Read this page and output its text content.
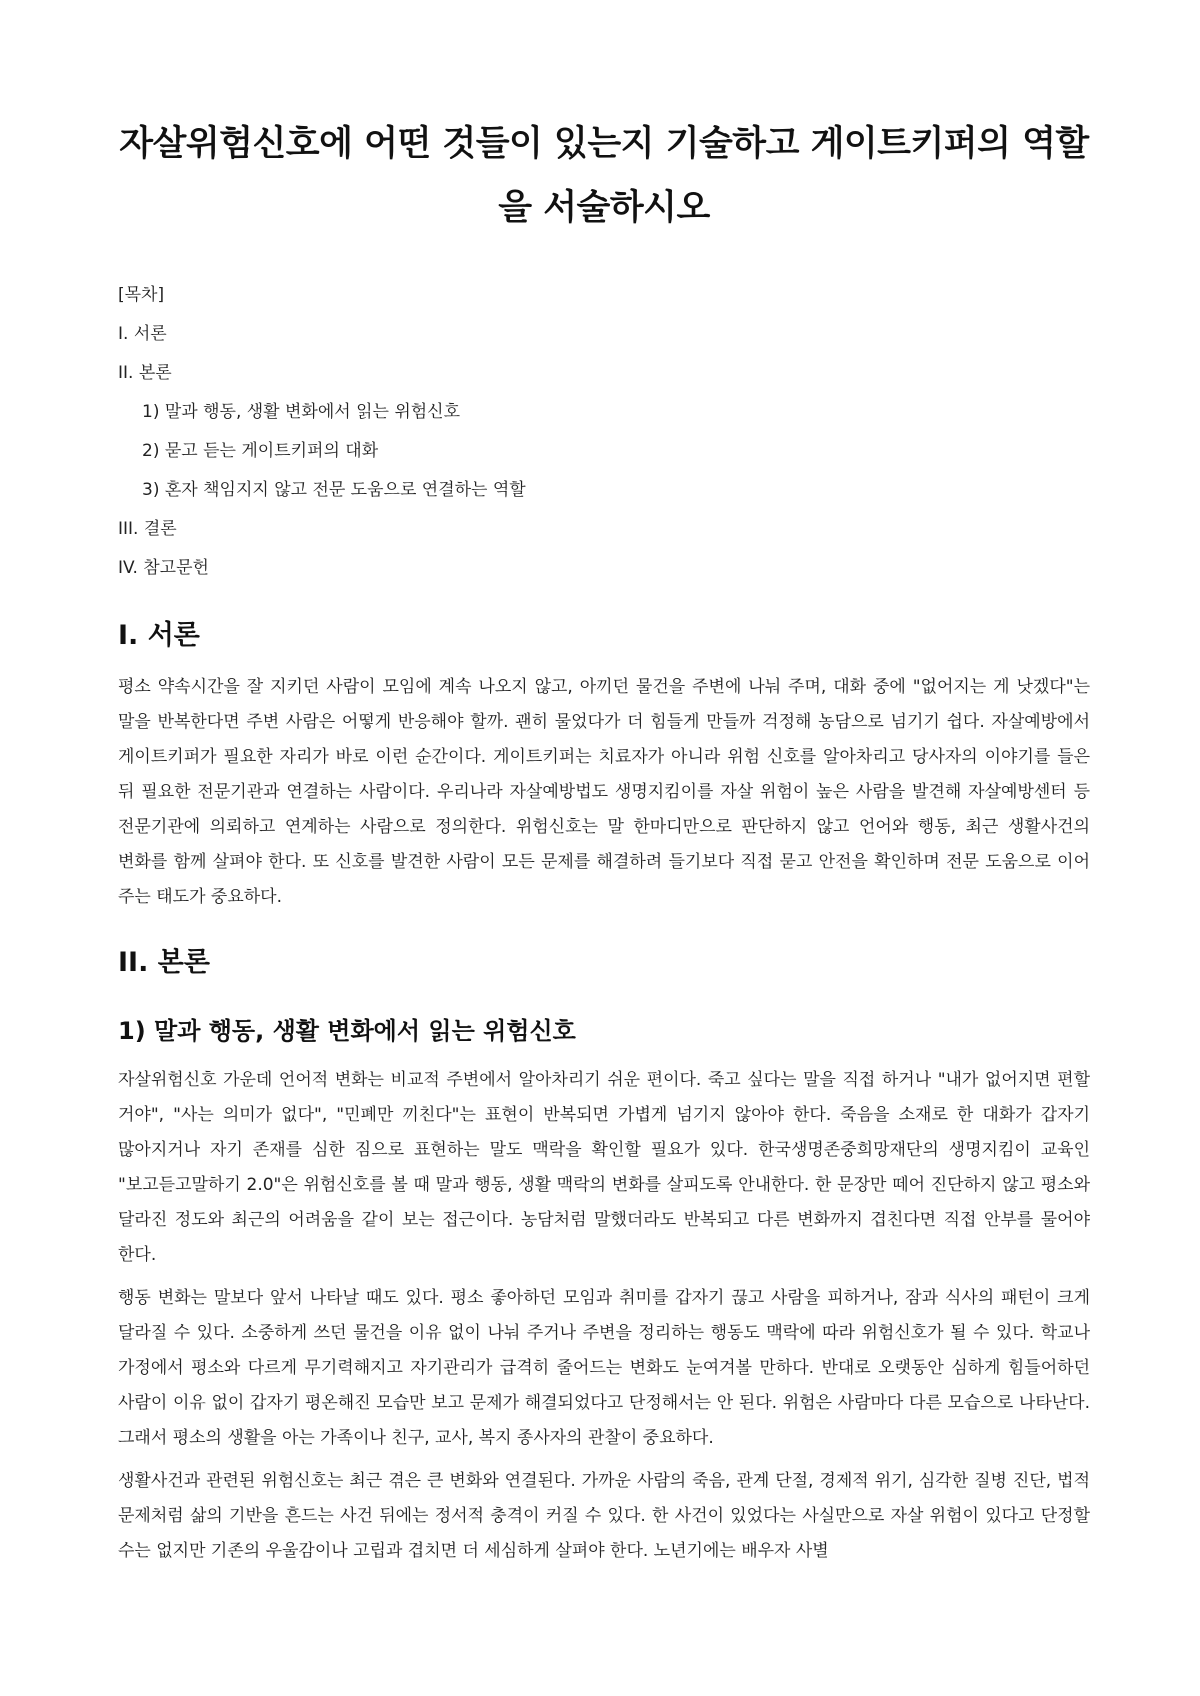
자살위험신호에 어떤 것들이 있는지 기술하고 게이트키퍼의 역할을 서술하시오
[목차]
I. 서론
II. 본론
1) 말과 행동, 생활 변화에서 읽는 위험신호
2) 묻고 듣는 게이트키퍼의 대화
3) 혼자 책임지지 않고 전문 도움으로 연결하는 역할
III. 결론
IV. 참고문헌
I. 서론

평소 약속시간을 잘 지키던 사람이 모임에 계속 나오지 않고, 아끼던 물건을 주변에 나눠 주며, 대화 중에 "없어지는 게 낫겠다"는 말을 반복한다면 주변 사람은 어떻게 반응해야 할까. 괜히 물었다가 더 힘들게 만들까 걱정해 농담으로 넘기기 쉽다. 자살예방에서 게이트키퍼가 필요한 자리가 바로 이런 순간이다. 게이트키퍼는 치료자가 아니라 위험 신호를 알아차리고 당사자의 이야기를 들은 뒤 필요한 전문기관과 연결하는 사람이다. 우리나라 자살예방법도 생명지킴이를 자살 위험이 높은 사람을 발견해 자살예방센터 등 전문기관에 의뢰하고 연계하는 사람으로 정의한다. 위험신호는 말 한마디만으로 판단하지 않고 언어와 행동, 최근 생활사건의 변화를 함께 살펴야 한다. 또 신호를 발견한 사람이 모든 문제를 해결하려 들기보다 직접 묻고 안전을 확인하며 전문 도움으로 이어 주는 태도가 중요하다.

II. 본론
1) 말과 행동, 생활 변화에서 읽는 위험신호

자살위험신호 가운데 언어적 변화는 비교적 주변에서 알아차리기 쉬운 편이다. 죽고 싶다는 말을 직접 하거나 "내가 없어지면 편할 거야", "사는 의미가 없다", "민폐만 끼친다"는 표현이 반복되면 가볍게 넘기지 않아야 한다. 죽음을 소재로 한 대화가 갑자기 많아지거나 자기 존재를 심한 짐으로 표현하는 말도 맥락을 확인할 필요가 있다. 한국생명존중희망재단의 생명지킴이 교육인 "보고듣고말하기 2.0"은 위험신호를 볼 때 말과 행동, 생활 맥락의 변화를 살피도록 안내한다. 한 문장만 떼어 진단하지 않고 평소와 달라진 정도와 최근의 어려움을 같이 보는 접근이다. 농담처럼 말했더라도 반복되고 다른 변화까지 겹친다면 직접 안부를 물어야 한다.

행동 변화는 말보다 앞서 나타날 때도 있다. 평소 좋아하던 모임과 취미를 갑자기 끊고 사람을 피하거나, 잠과 식사의 패턴이 크게 달라질 수 있다. 소중하게 쓰던 물건을 이유 없이 나눠 주거나 주변을 정리하는 행동도 맥락에 따라 위험신호가 될 수 있다. 학교나 가정에서 평소와 다르게 무기력해지고 자기관리가 급격히 줄어드는 변화도 눈여겨볼 만하다. 반대로 오랫동안 심하게 힘들어하던 사람이 이유 없이 갑자기 평온해진 모습만 보고 문제가 해결되었다고 단정해서는 안 된다. 위험은 사람마다 다른 모습으로 나타난다. 그래서 평소의 생활을 아는 가족이나 친구, 교사, 복지 종사자의 관찰이 중요하다.

생활사건과 관련된 위험신호는 최근 겪은 큰 변화와 연결된다. 가까운 사람의 죽음, 관계 단절, 경제적 위기, 심각한 질병 진단, 법적 문제처럼 삶의 기반을 흔드는 사건 뒤에는 정서적 충격이 커질 수 있다. 한 사건이 있었다는 사실만으로 자살 위험이 있다고 단정할 수는 없지만 기존의 우울감이나 고립과 겹치면 더 세심하게 살펴야 한다. 노년기에는 배우자 사별
